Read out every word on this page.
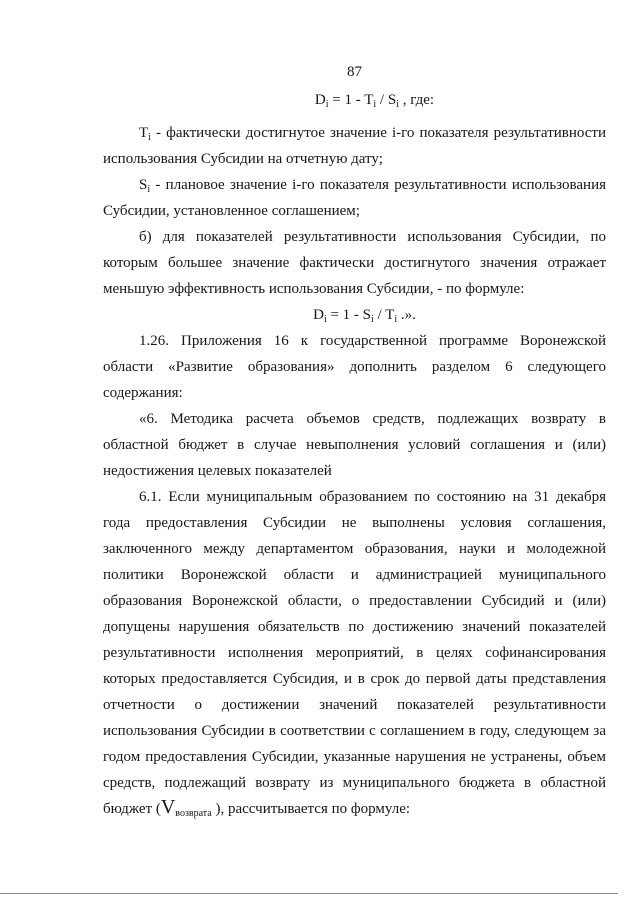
87
$D_i = 1 - T_i / S_i$ , где:

$T_i$ - фактически достигнутое значение i-го показателя результативности использования Субсидии на отчетную дату;

$S_i$ - плановое значение i-го показателя результативности использования Субсидии, установленное соглашением;

б) для показателей результативности использования Субсидии, по которым большее значение фактически достигнутого значения отражает меньшую эффективность использования Субсидии, - по формуле:

$D_i = 1 - S_i / T_i$ .».

1.26. Приложения 16 к государственной программе Воронежской области «Развитие образования» дополнить разделом 6 следующего содержания:

«6. Методика расчета объемов средств, подлежащих возврату в областной бюджет в случае невыполнения условий соглашения и (или) недостижения целевых показателей

6.1. Если муниципальным образованием по состоянию на 31 декабря года предоставления Субсидии не выполнены условия соглашения, заключенного между департаментом образования, науки и молодежной политики Воронежской области и администрацией муниципального образования Воронежской области, о предоставлении Субсидий и (или) допущены нарушения обязательств по достижению значений показателей результативности исполнения мероприятий, в целях софинансирования которых предоставляется Субсидия, и в срок до первой даты представления отчетности о достижении значений показателей результативности использования Субсидии в соответствии с соглашением в году, следующем за годом предоставления Субсидии, указанные нарушения не устранены, объем средств, подлежащий возврату из муниципального бюджета в областной бюджет ($V_{возврата}$ ), рассчитывается по формуле:
